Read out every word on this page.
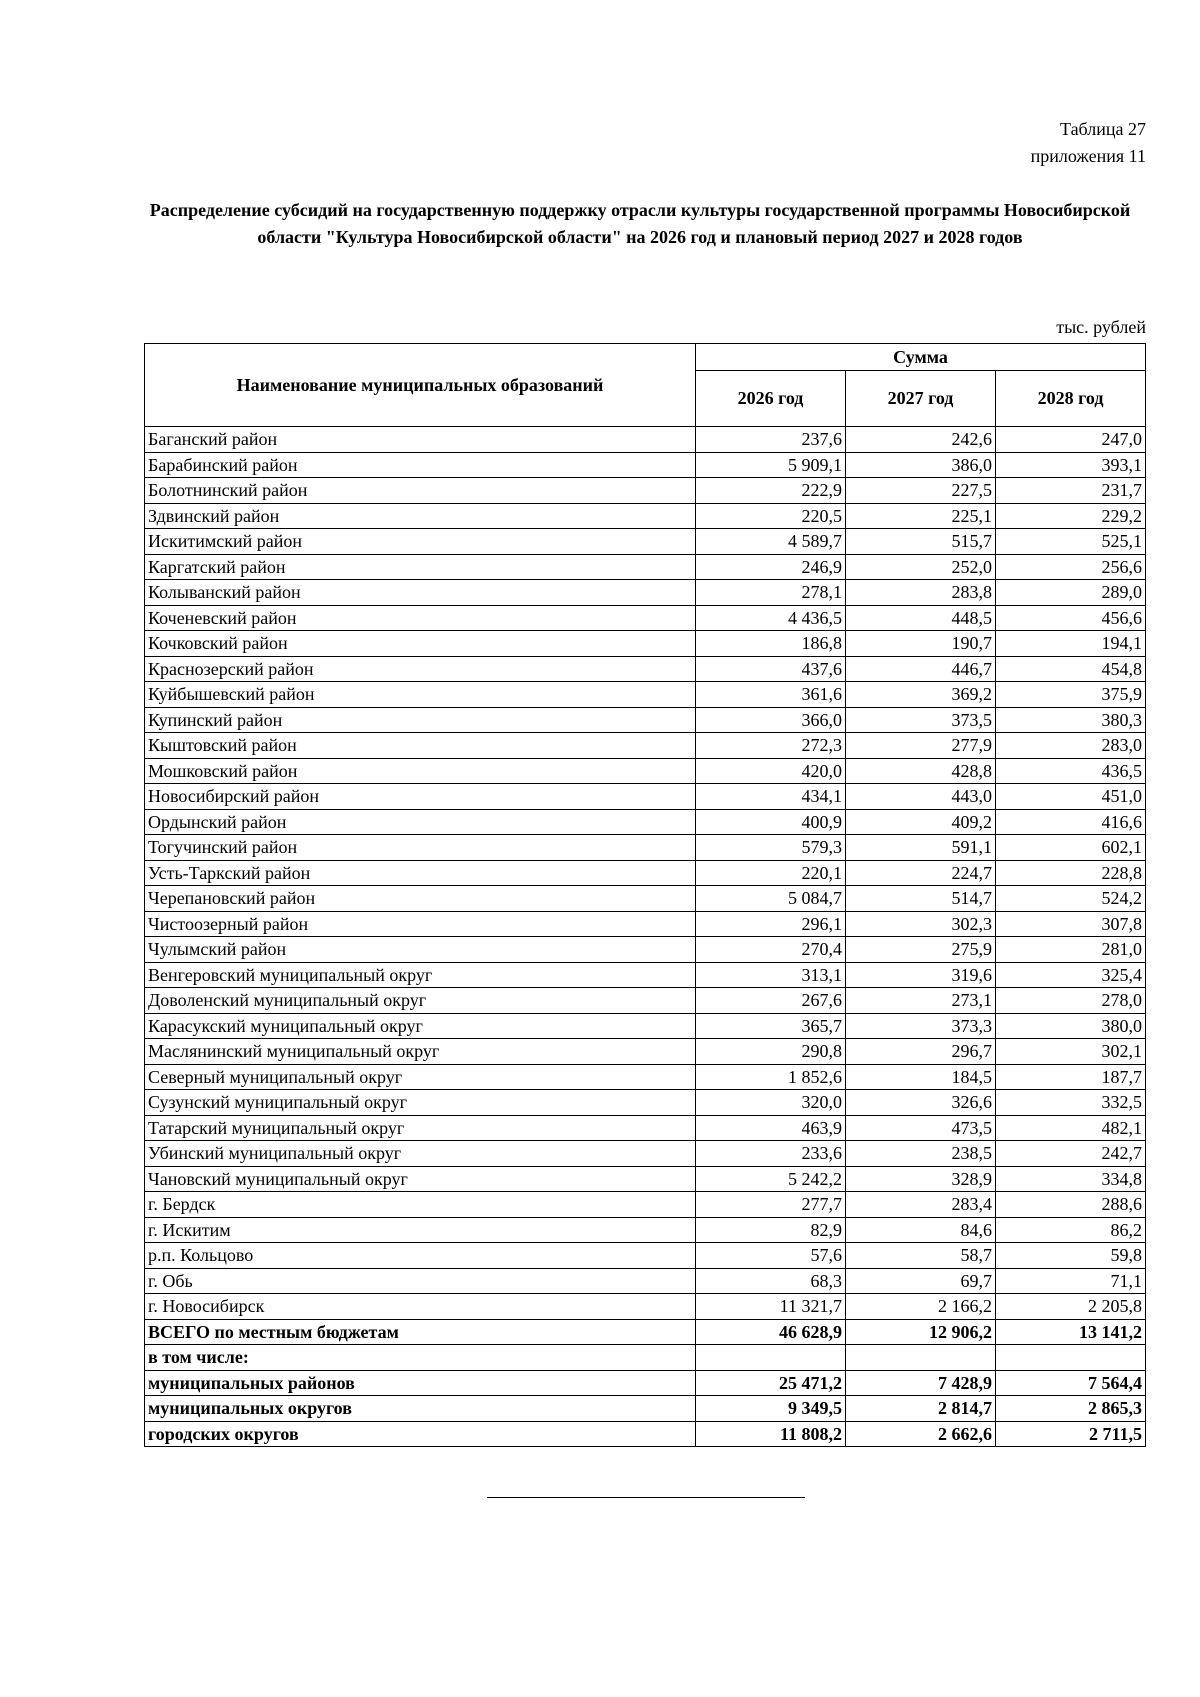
Таблица 27
приложения 11
Распределение субсидий на государственную поддержку отрасли культуры государственной программы Новосибирской области "Культура Новосибирской области" на 2026 год и плановый период 2027 и 2028 годов
тыс. рублей
Наименование муниципальных образований	Сумма		
	2026 год	2027 год	2028 год
Баганский район	237,6	242,6	247,0
Барабинский район	5 909,1	386,0	393,1
Болотнинский район	222,9	227,5	231,7
Здвинский район	220,5	225,1	229,2
Искитимский район	4 589,7	515,7	525,1
Каргатский район	246,9	252,0	256,6
Колыванский район	278,1	283,8	289,0
Коченевский район	4 436,5	448,5	456,6
Кочковский район	186,8	190,7	194,1
Краснозерский район	437,6	446,7	454,8
Куйбышевский район	361,6	369,2	375,9
Купинский район	366,0	373,5	380,3
Кыштовский район	272,3	277,9	283,0
Мошковский район	420,0	428,8	436,5
Новосибирский район	434,1	443,0	451,0
Ордынский район	400,9	409,2	416,6
Тогучинский район	579,3	591,1	602,1
Усть-Таркский район	220,1	224,7	228,8
Черепановский район	5 084,7	514,7	524,2
Чистоозерный район	296,1	302,3	307,8
Чулымский район	270,4	275,9	281,0
Венгеровский муниципальный округ	313,1	319,6	325,4
Доволенский муниципальный округ	267,6	273,1	278,0
Карасукский муниципальный округ	365,7	373,3	380,0
Маслянинский муниципальный округ	290,8	296,7	302,1
Северный муниципальный округ	1 852,6	184,5	187,7
Сузунский муниципальный округ	320,0	326,6	332,5
Татарский муниципальный округ	463,9	473,5	482,1
Убинский муниципальный округ	233,6	238,5	242,7
Чановский муниципальный округ	5 242,2	328,9	334,8
г. Бердск	277,7	283,4	288,6
г. Искитим	82,9	84,6	86,2
р.п. Кольцово	57,6	58,7	59,8
г. Обь	68,3	69,7	71,1
г. Новосибирск	11 321,7	2 166,2	2 205,8
ВСЕГО по местным бюджетам	46 628,9	12 906,2	13 141,2
в том числе:			
муниципальных районов	25 471,2	7 428,9	7 564,4
муниципальных округов	9 349,5	2 814,7	2 865,3
городских округов	11 808,2	2 662,6	2 711,5
